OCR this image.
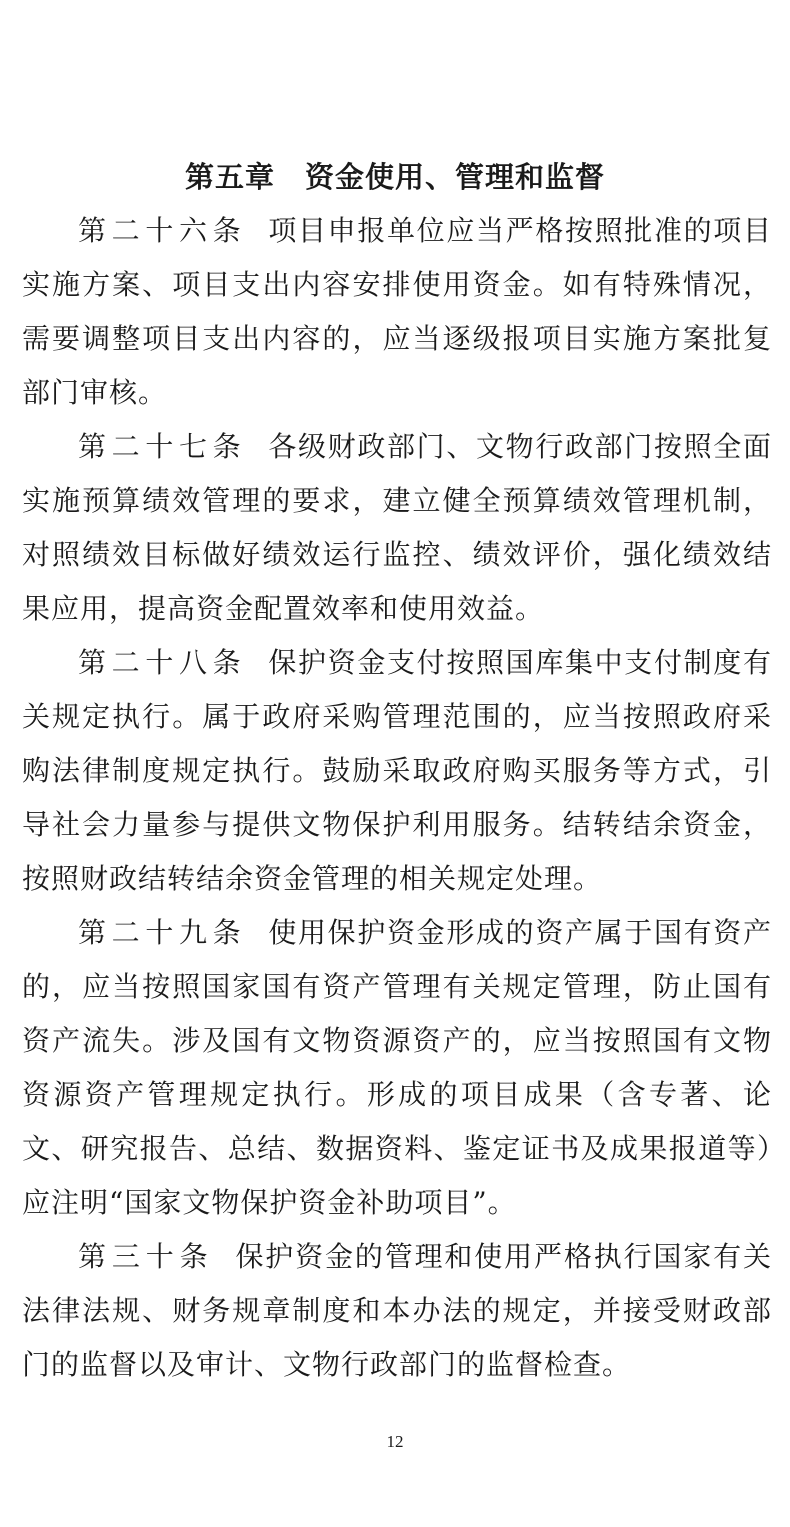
第五章　资金使用、管理和监督

第二十六条 项目申报单位应当严格按照批准的项目实施方案、项目支出内容安排使用资金。如有特殊情况，需要调整项目支出内容的，应当逐级报项目实施方案批复部门审核。

第二十七条 各级财政部门、文物行政部门按照全面实施预算绩效管理的要求，建立健全预算绩效管理机制，对照绩效目标做好绩效运行监控、绩效评价，强化绩效结果应用，提高资金配置效率和使用效益。

第二十八条 保护资金支付按照国库集中支付制度有关规定执行。属于政府采购管理范围的，应当按照政府采购法律制度规定执行。鼓励采取政府购买服务等方式，引导社会力量参与提供文物保护利用服务。结转结余资金，按照财政结转结余资金管理的相关规定处理。

第二十九条 使用保护资金形成的资产属于国有资产的，应当按照国家国有资产管理有关规定管理，防止国有资产流失。涉及国有文物资源资产的，应当按照国有文物资源资产管理规定执行。形成的项目成果（含专著、论文、研究报告、总结、数据资料、鉴定证书及成果报道等）应注明“国家文物保护资金补助项目”。

第三十条 保护资金的管理和使用严格执行国家有关法律法规、财务规章制度和本办法的规定，并接受财政部门的监督以及审计、文物行政部门的监督检查。

12
